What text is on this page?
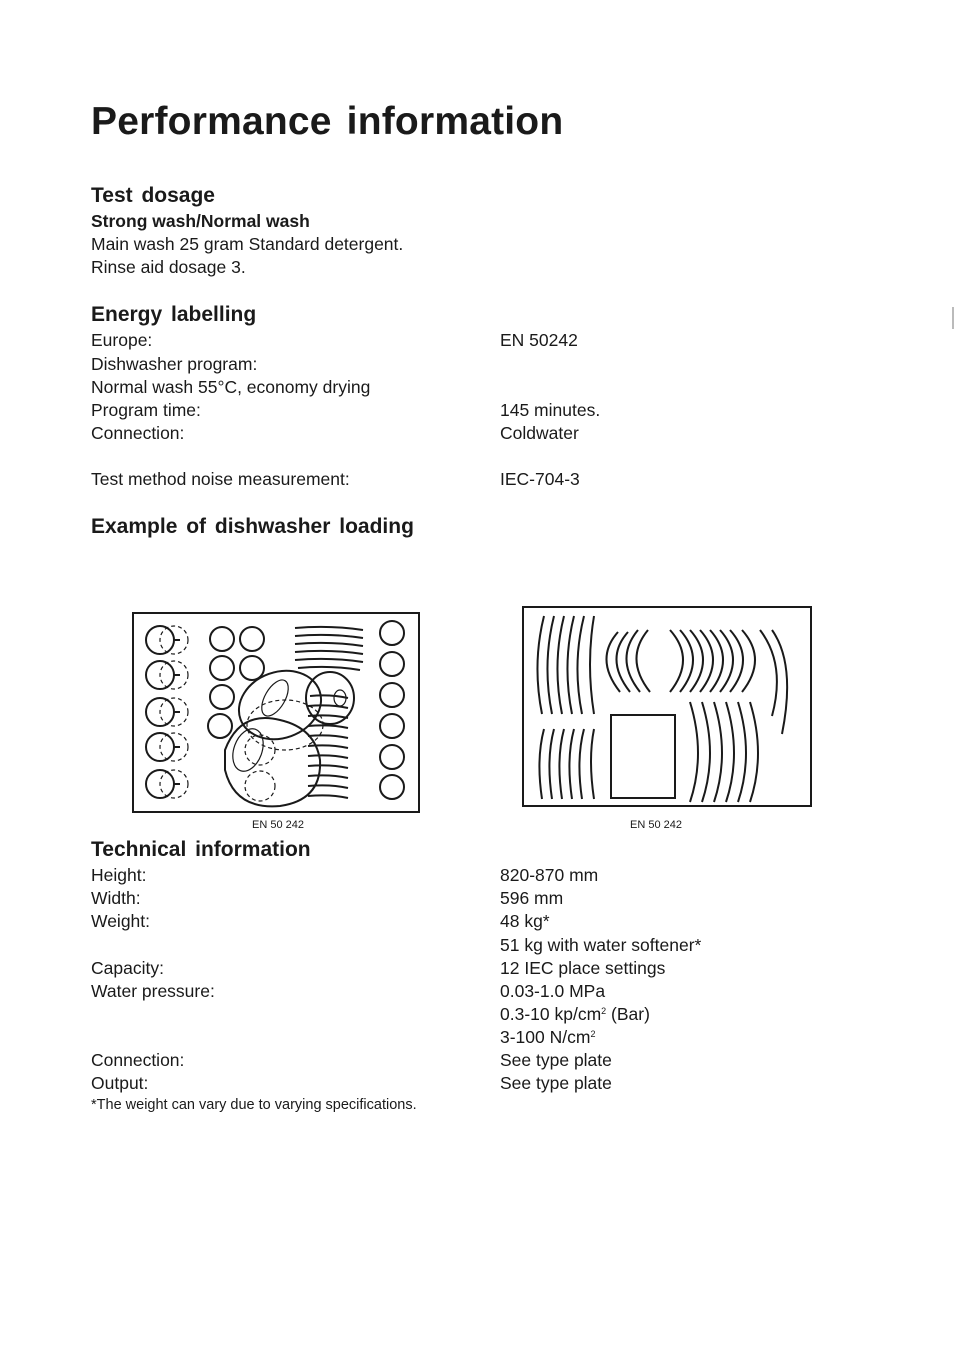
Performance information
Test dosage
Strong wash/Normal wash
Main wash 25 gram Standard detergent.
Rinse aid dosage 3.
Energy labelling
Europe:	EN 50242
Dishwasher program:
Normal wash 55°C, economy drying
Program time:	145 minutes.
Connection:	Coldwater
Test method noise measurement:	IEC-704-3
Example of dishwasher loading
EN 50 242	EN 50 242
Technical information
Height:	820-870 mm
Width:	596 mm
Weight:	48 kg*
51 kg with water softener*
Capacity:	12 IEC place settings
Water pressure:	0.03-1.0 MPa
0.3-10 $kp/cm^2$ (Bar)
3-100 $N/cm^2$
Connection:	See type plate
Output:	See type plate
*The weight can vary due to varying specifications.
